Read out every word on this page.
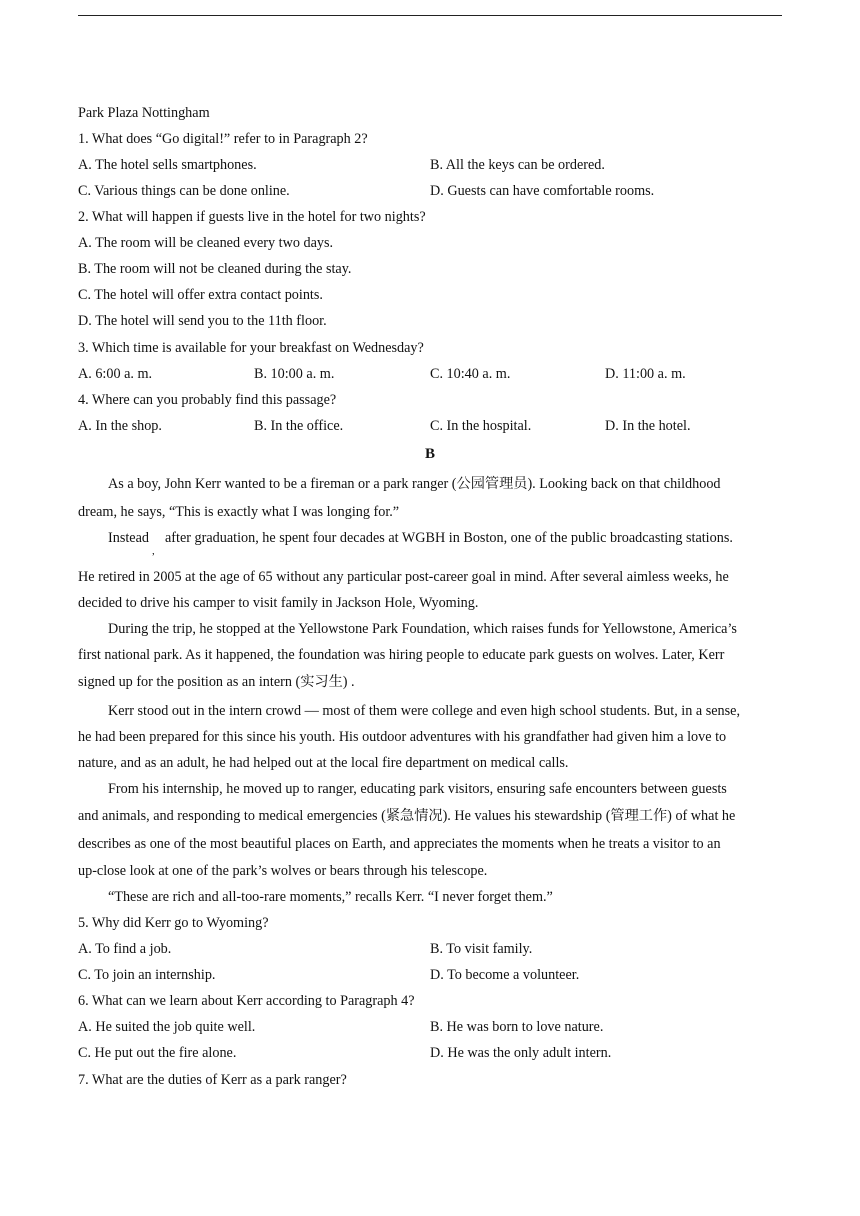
Park Plaza Nottingham
1. What does “Go digital!” refer to in Paragraph 2?
A. The hotel sells smartphones.	B. All the keys can be ordered.
C. Various things can be done online.	D. Guests can have comfortable rooms.
2. What will happen if guests live in the hotel for two nights?
A. The room will be cleaned every two days.
B. The room will not be cleaned during the stay.
C. The hotel will offer extra contact points.
D. The hotel will send you to the 11th floor.
3. Which time is available for your breakfast on Wednesday?
A. 6:00 a. m.	B. 10:00 a. m.	C. 10:40 a. m.	D. 11:00 a. m.
4. Where can you probably find this passage?
A. In the shop.	B. In the office.	C. In the hospital.	D. In the hotel.
B
As a boy, John Kerr wanted to be a fireman or a park ranger (公园管理员). Looking back on that childhood
dream, he says, “This is exactly what I was longing for.”
Instead
,
after graduation, he spent four decades at WGBH in Boston, one of the public broadcasting stations.
He retired in 2005 at the age of 65 without any particular post-career goal in mind. After several aimless weeks, he
decided to drive his camper to visit family in Jackson Hole, Wyoming.
During the trip, he stopped at the Yellowstone Park Foundation, which raises funds for Yellowstone, America’s
first national park. As it happened, the foundation was hiring people to educate park guests on wolves. Later, Kerr
signed up for the position as an intern (实习生) .
Kerr stood out in the intern crowd — most of them were college and even high school students. But, in a sense,
he had been prepared for this since his youth. His outdoor adventures with his grandfather had given him a love to
nature, and as an adult, he had helped out at the local fire department on medical calls.
From his internship, he moved up to ranger, educating park visitors, ensuring safe encounters between guests
and animals, and responding to medical emergencies (紧急情况). He values his stewardship (管理工作) of what he
describes as one of the most beautiful places on Earth, and appreciates the moments when he treats a visitor to an
up-close look at one of the park’s wolves or bears through his telescope.
“These are rich and all-too-rare moments,” recalls Kerr. “I never forget them.”
5. Why did Kerr go to Wyoming?
A. To find a job.	B. To visit family.
C. To join an internship.	D. To become a volunteer.
6. What can we learn about Kerr according to Paragraph 4?
A. He suited the job quite well.	B. He was born to love nature.
C. He put out the fire alone.	D. He was the only adult intern.
7. What are the duties of Kerr as a park ranger?
